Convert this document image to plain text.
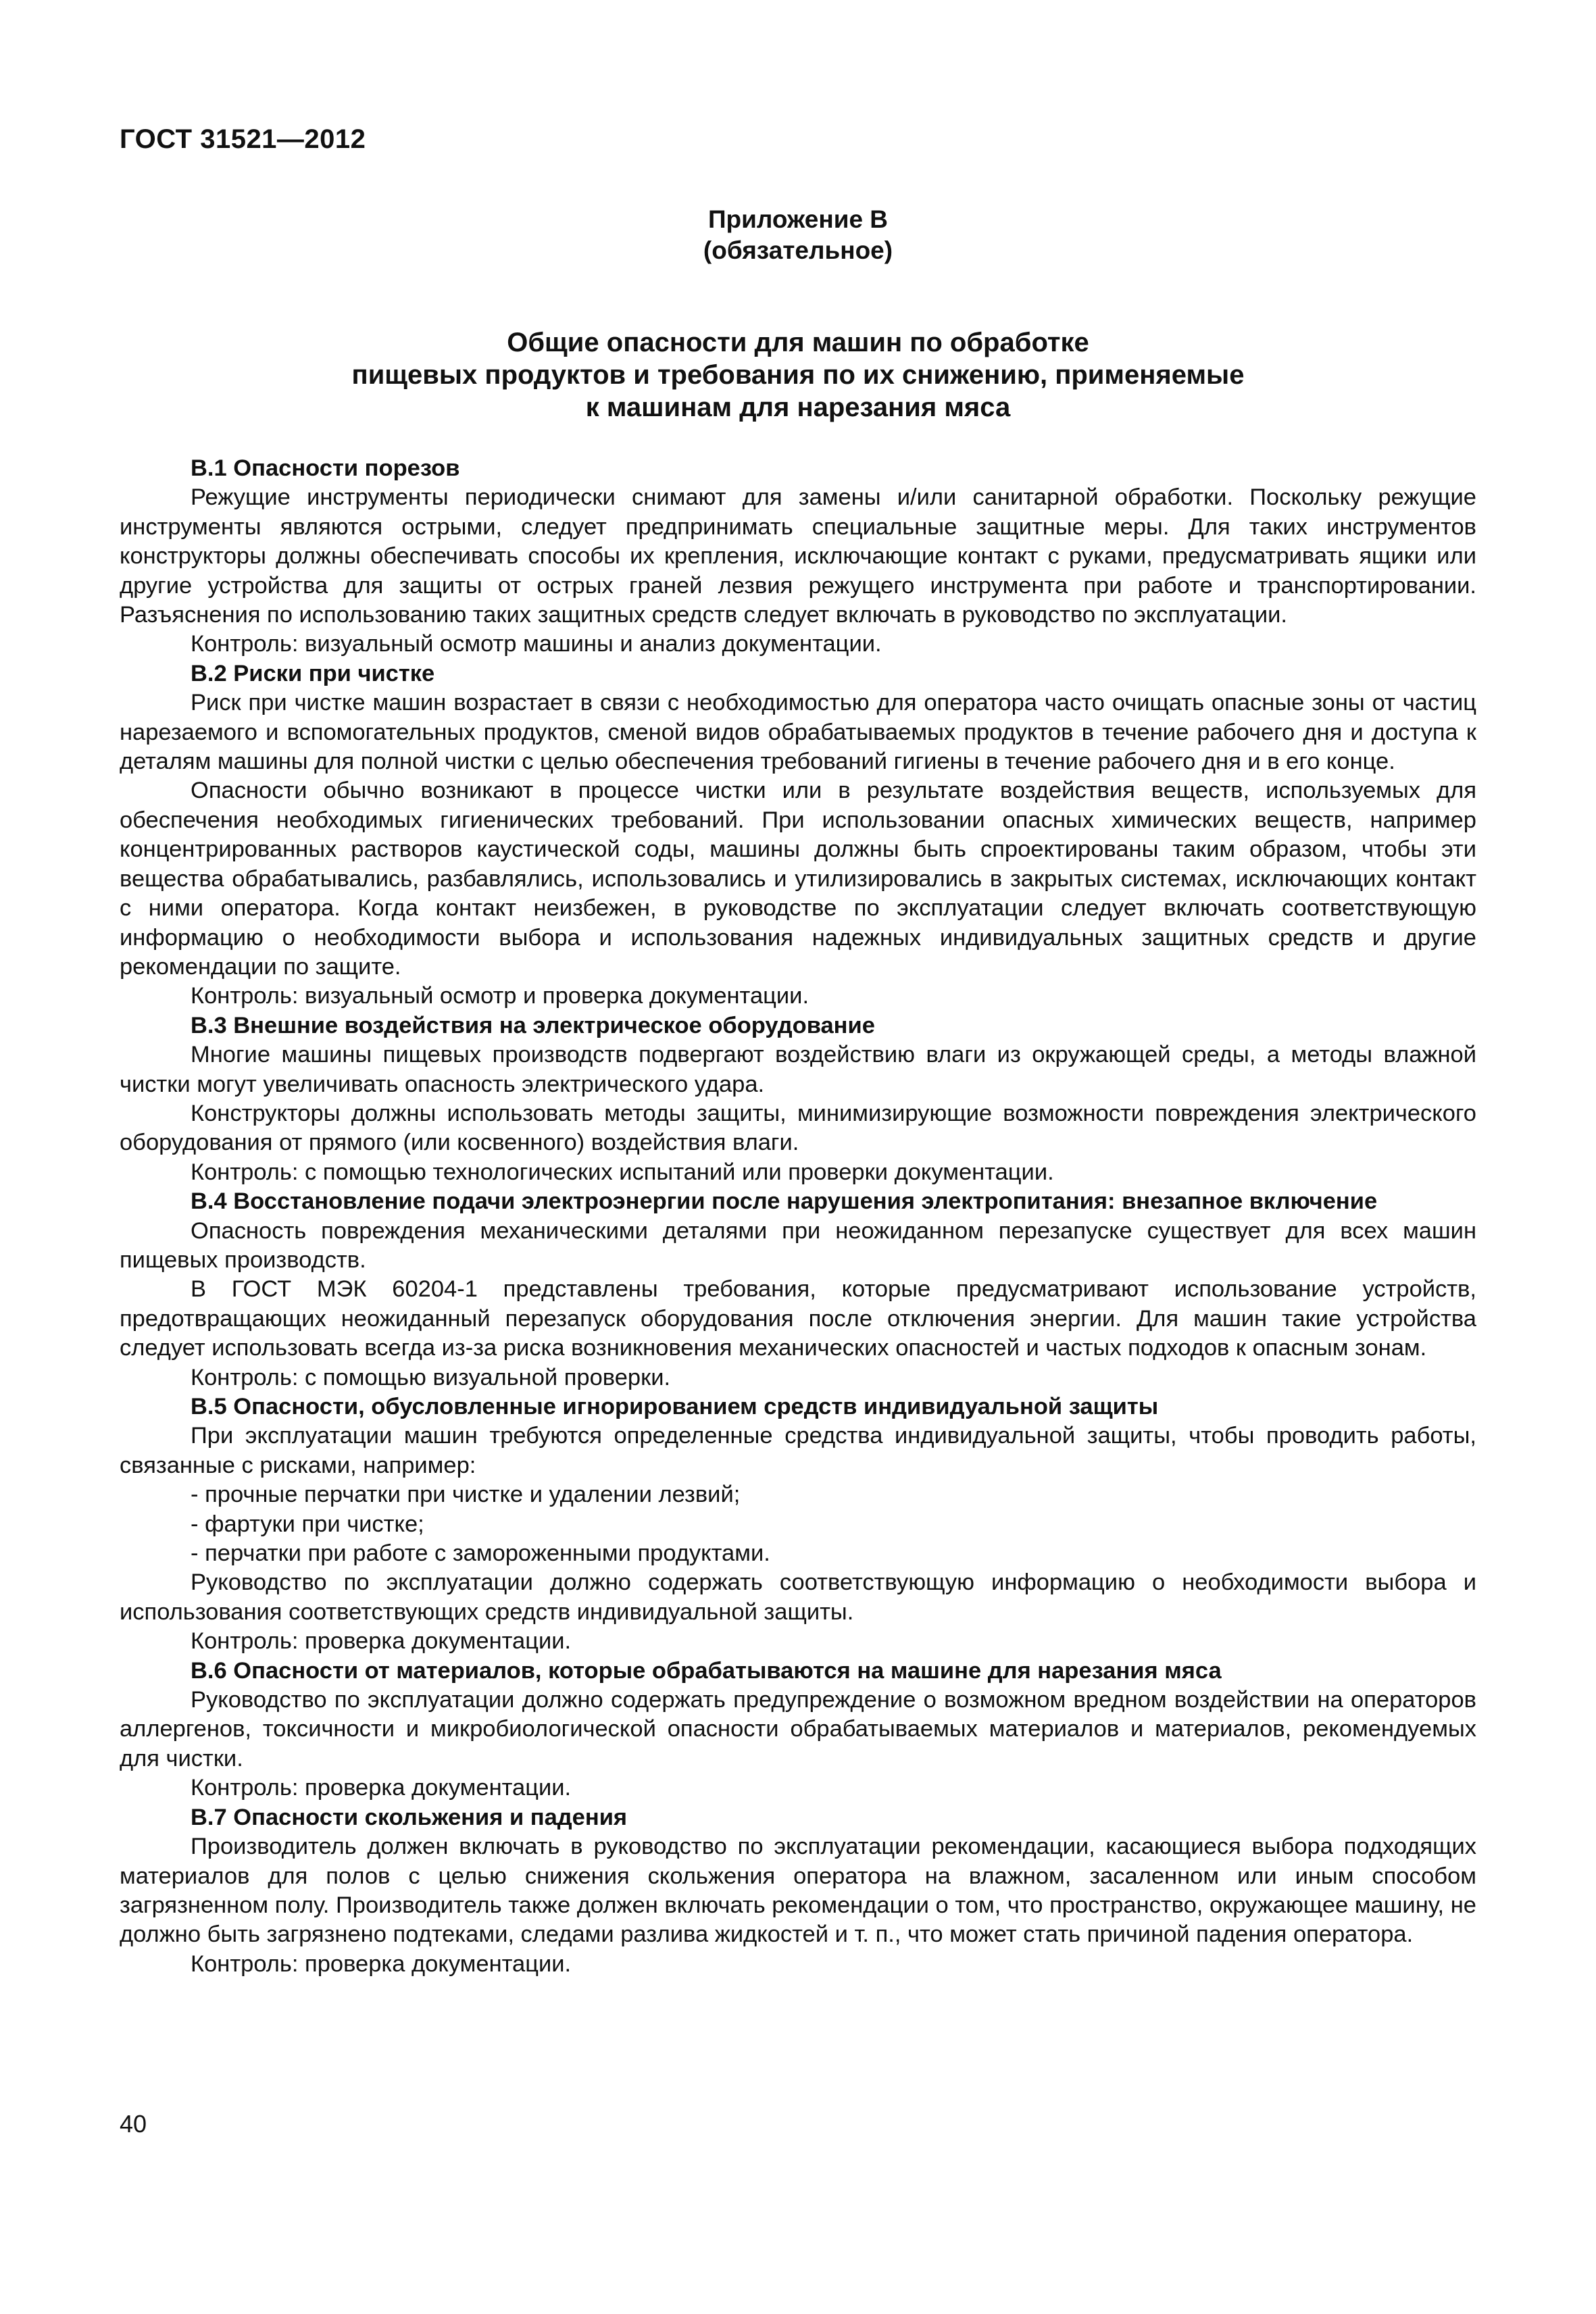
ГОСТ 31521—2012
Приложение В
(обязательное)
Общие опасности для машин по обработке
пищевых продуктов и требования по их снижению, применяемые
к машинам для нарезания мяса

В.1 Опасности порезов

Режущие инструменты периодически снимают для замены и/или санитарной обработки. Поскольку режущие инструменты являются острыми, следует предпринимать специальные защитные меры. Для таких инструментов конструкторы должны обеспечивать способы их крепления, исключающие контакт с руками, предусматривать ящики или другие устройства для защиты от острых граней лезвия режущего инструмента при работе и транспортировании. Разъяснения по использованию таких защитных средств следует включать в руководство по эксплуатации.

Контроль: визуальный осмотр машины и анализ документации.

В.2 Риски при чистке

Риск при чистке машин возрастает в связи с необходимостью для оператора часто очищать опасные зоны от частиц нарезаемого и вспомогательных продуктов, сменой видов обрабатываемых продуктов в течение рабочего дня и доступа к деталям машины для полной чистки с целью обеспечения требований гигиены в течение рабочего дня и в его конце.

Опасности обычно возникают в процессе чистки или в результате воздействия веществ, используемых для обеспечения необходимых гигиенических требований. При использовании опасных химических веществ, например концентрированных растворов каустической соды, машины должны быть спроектированы таким образом, чтобы эти вещества обрабатывались, разбавлялись, использовались и утилизировались в закрытых системах, исключающих контакт с ними оператора. Когда контакт неизбежен, в руководстве по эксплуатации следует включать соответствующую информацию о необходимости выбора и использования надежных индивидуальных защитных средств и другие рекомендации по защите.

Контроль: визуальный осмотр и проверка документации.

В.3 Внешние воздействия на электрическое оборудование

Многие машины пищевых производств подвергают воздействию влаги из окружающей среды, а методы влажной чистки могут увеличивать опасность электрического удара.

Конструкторы должны использовать методы защиты, минимизирующие возможности повреждения электрического оборудования от прямого (или косвенного) воздействия влаги.

Контроль: с помощью технологических испытаний или проверки документации.

В.4 Восстановление подачи электроэнергии после нарушения электропитания: внезапное включение

Опасность повреждения механическими деталями при неожиданном перезапуске существует для всех машин пищевых производств.

В ГОСТ МЭК 60204-1 представлены требования, которые предусматривают использование устройств, предотвращающих неожиданный перезапуск оборудования после отключения энергии. Для машин такие устройства следует использовать всегда из-за риска возникновения механических опасностей и частых подходов к опасным зонам.

Контроль: с помощью визуальной проверки.

В.5 Опасности, обусловленные игнорированием средств индивидуальной защиты

При эксплуатации машин требуются определенные средства индивидуальной защиты, чтобы проводить работы, связанные с рисками, например:

- прочные перчатки при чистке и удалении лезвий;

- фартуки при чистке;

- перчатки при работе с замороженными продуктами.

Руководство по эксплуатации должно содержать соответствующую информацию о необходимости выбора и использования соответствующих средств индивидуальной защиты.

Контроль: проверка документации.

В.6 Опасности от материалов, которые обрабатываются на машине для нарезания мяса

Руководство по эксплуатации должно содержать предупреждение о возможном вредном воздействии на операторов аллергенов, токсичности и микробиологической опасности обрабатываемых материалов и материалов, рекомендуемых для чистки.

Контроль: проверка документации.

В.7 Опасности скольжения и падения

Производитель должен включать в руководство по эксплуатации рекомендации, касающиеся выбора подходящих материалов для полов с целью снижения скольжения оператора на влажном, засаленном или иным способом загрязненном полу. Производитель также должен включать рекомендации о том, что пространство, окружающее машину, не должно быть загрязнено подтеками, следами разлива жидкостей и т. п., что может стать причиной падения оператора.

Контроль: проверка документации.

40
